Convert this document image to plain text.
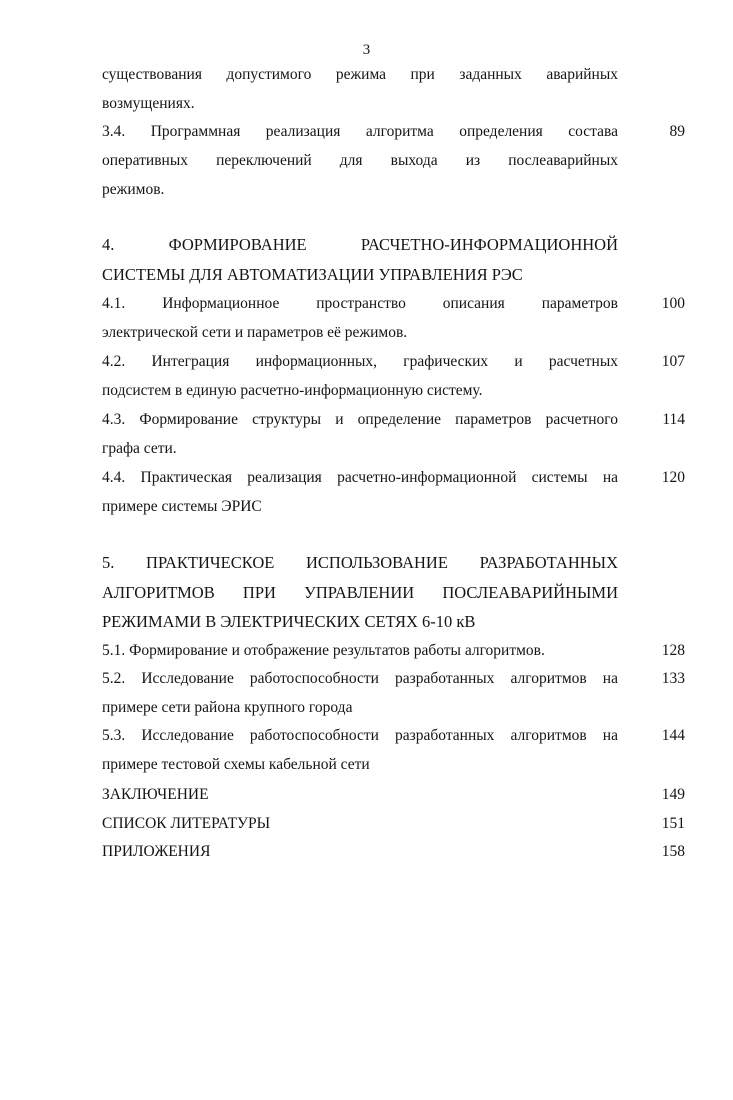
3
существования допустимого режима при заданных аварийных
возмущениях.
3.4. Программная реализация алгоритма определения состава
оперативных переключений для выхода из послеаварийных
режимов.
89
4. ФОРМИРОВАНИЕ РАСЧЕТНО-ИНФОРМАЦИОННОЙ
СИСТЕМЫ ДЛЯ АВТОМАТИЗАЦИИ УПРАВЛЕНИЯ РЭС
4.1. Информационное пространство описания параметров
электрической сети и параметров её режимов.
100
4.2. Интеграция информационных, графических и расчетных
подсистем в единую расчетно-информационную систему.
107
4.3. Формирование структуры и определение параметров расчетного
графа сети.
114
4.4. Практическая реализация расчетно-информационной системы на
примере системы ЭРИС
120
5. ПРАКТИЧЕСКОЕ ИСПОЛЬЗОВАНИЕ РАЗРАБОТАННЫХ
АЛГОРИТМОВ ПРИ УПРАВЛЕНИИ ПОСЛЕАВАРИЙНЫМИ
РЕЖИМАМИ В ЭЛЕКТРИЧЕСКИХ СЕТЯХ 6-10 кВ
5.1. Формирование и отображение результатов работы алгоритмов.	128
5.2. Исследование работоспособности разработанных алгоритмов на
примере сети района крупного города
133
5.3. Исследование работоспособности разработанных алгоритмов на
примере тестовой схемы кабельной сети
144
ЗАКЛЮЧЕНИЕ	149
СПИСОК ЛИТЕРАТУРЫ	151
ПРИЛОЖЕНИЯ	158
